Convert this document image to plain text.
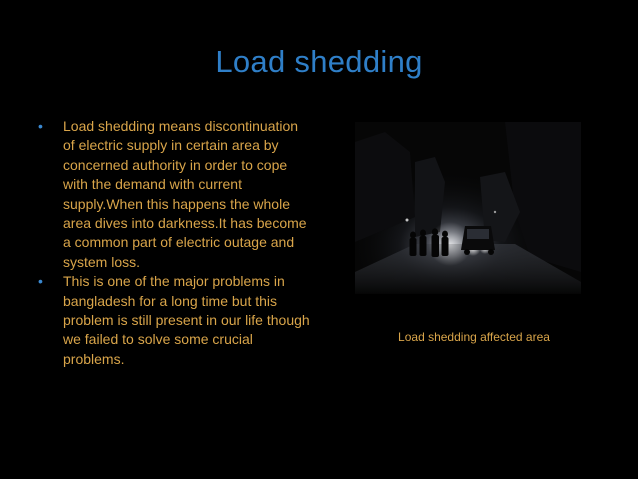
Load shedding
• Load shedding means discontinuation of electric supply in certain area by concerned authority in order to cope with the demand with current supply.When this happens the whole area dives into darkness.It has become a common part of electric outage and system loss.
• This is one of the major problems in bangladesh for a long time but this problem is still present in our life though we failed to solve some crucial problems.
Load shedding affected area
